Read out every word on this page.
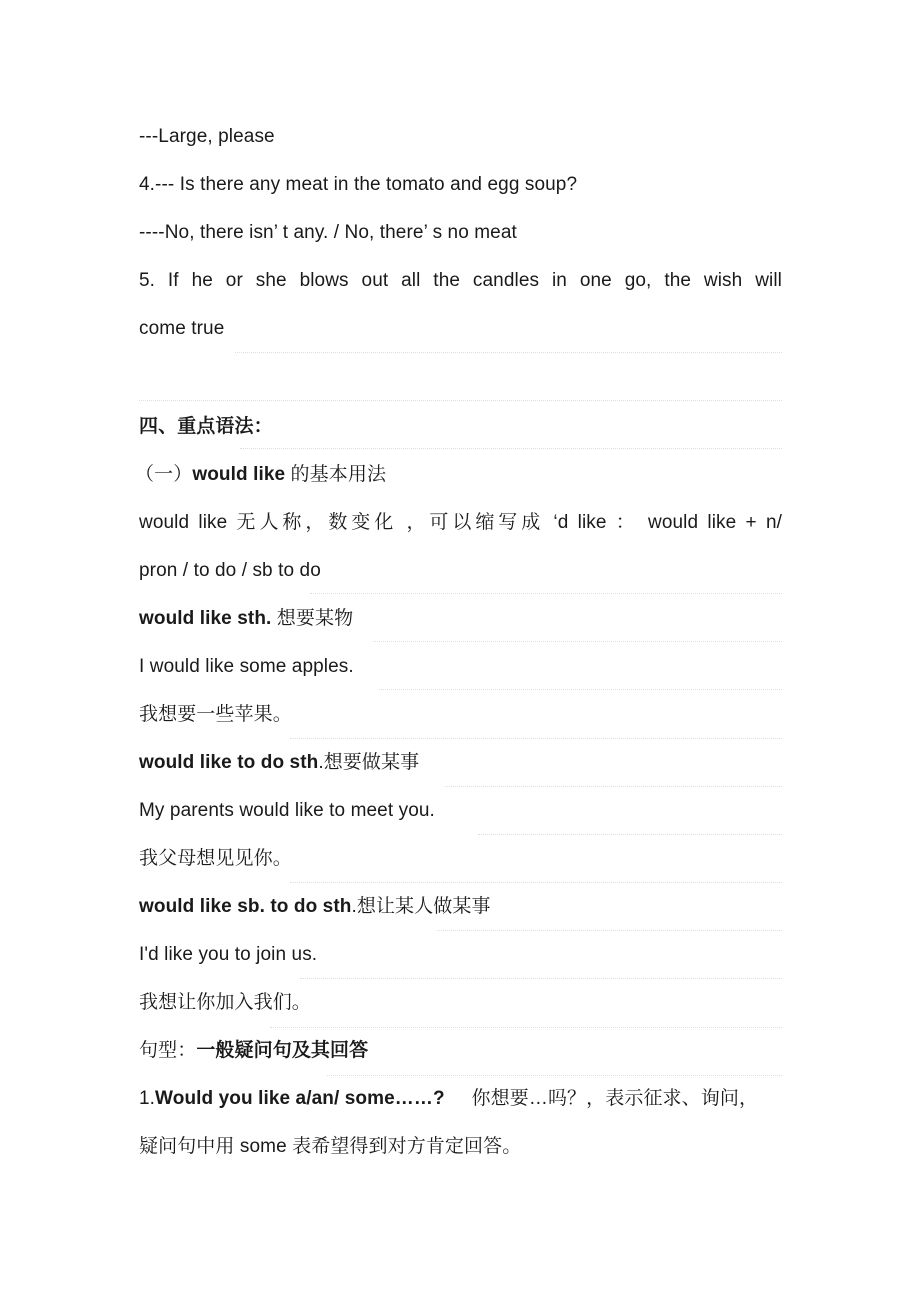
---Large, please
4.--- Is there any meat in the tomato and egg soup?
----No, there isn’ t any. / No, there’ s no meat
5. If he or she blows out all the candles in one go, the wish will
come true
四、重点语法：
（一）would like 的基本用法
would like 无人称，数变化 ，可以缩写成 ‘d like ： would like + n/
pron / to do / sb to do
would like sth. 想要某物
I would like some apples.
我想要一些苹果。
would like to do sth.想要做某事
My parents would like to meet you.
我父母想见见你。
would like sb. to do sth.想让某人做某事
I'd like you to join us.
我想让你加入我们。
句型：一般疑问句及其回答
1.Would you like a/an/ some……?     你想要…吗？，表示征求、询问，
疑问句中用 some 表希望得到对方肯定回答。
